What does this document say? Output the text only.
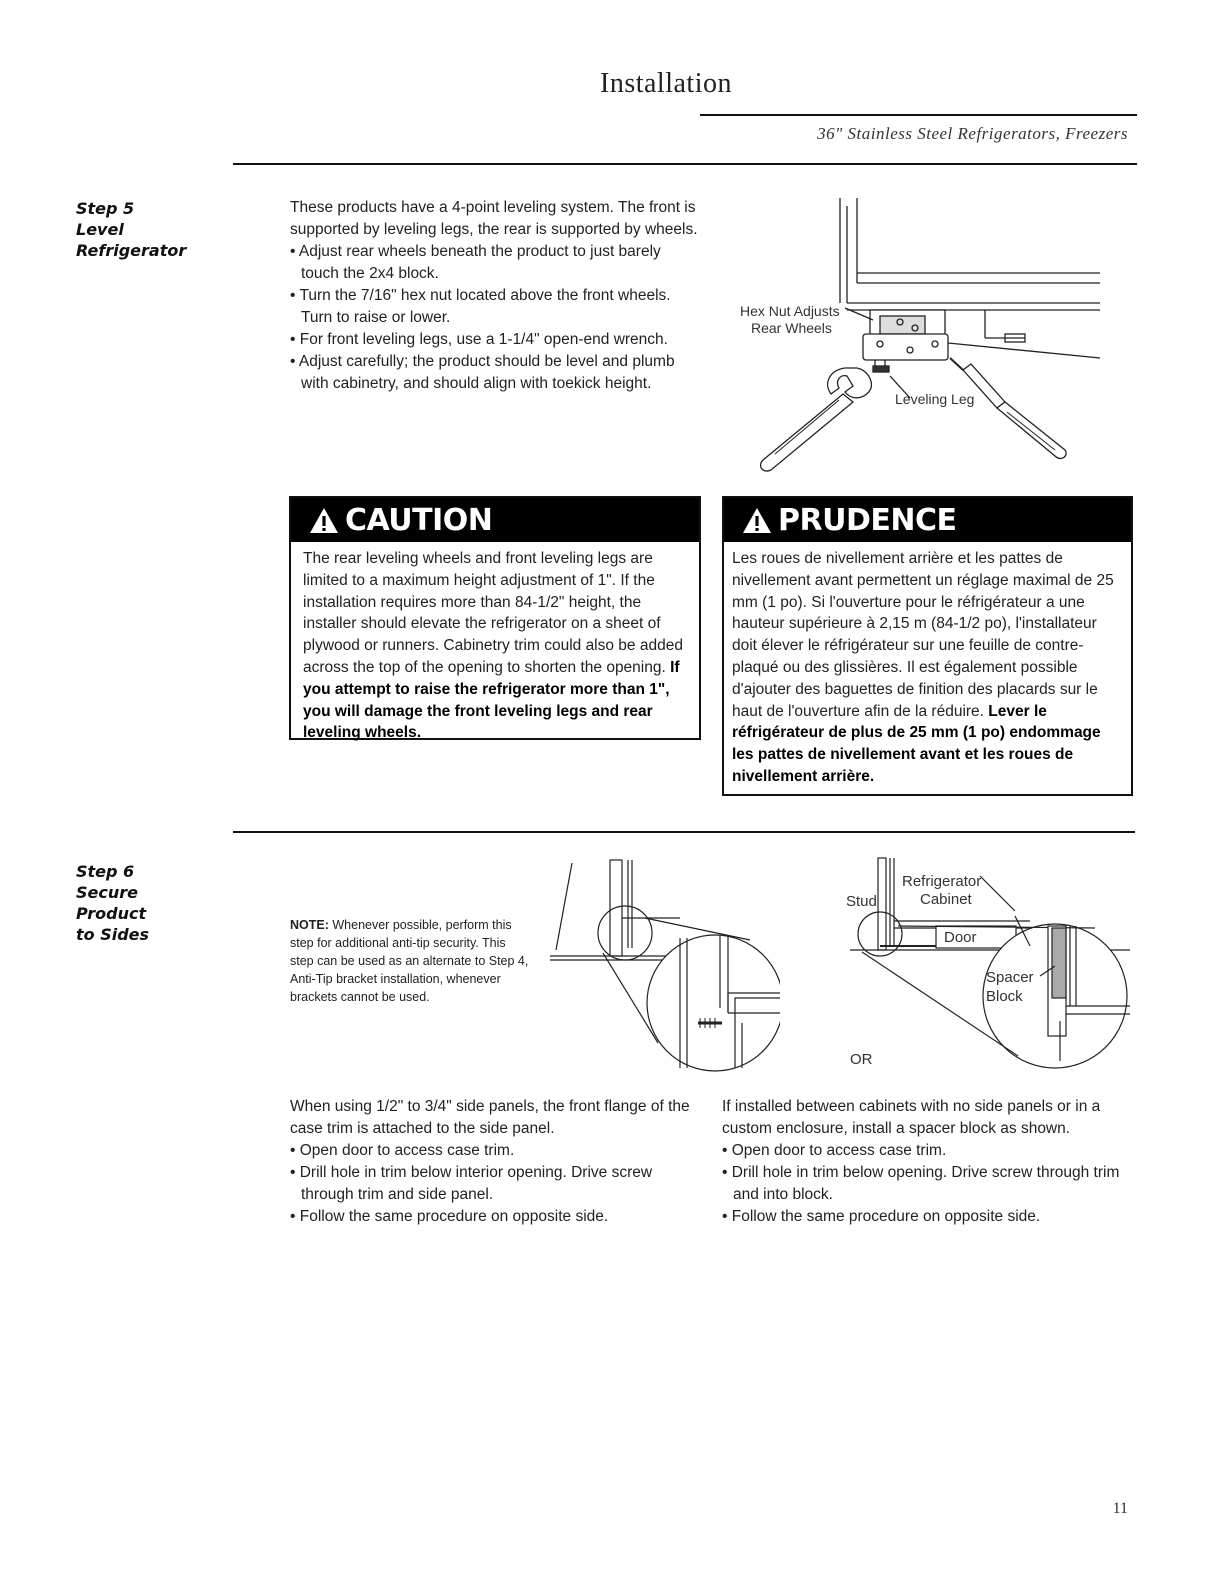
Installation
36" Stainless Steel Refrigerators, Freezers
Step 5
Level
Refrigerator

These products have a 4-point leveling system. The front is supported by leveling legs, the rear is supported by wheels.

• Adjust rear wheels beneath the product to just barely touch the 2x4 block.

• Turn the 7/16" hex nut located above the front wheels. Turn to raise or lower.

• For front leveling legs, use a 1-1/4" open-end wrench.

• Adjust carefully; the product should be level and plumb with cabinetry, and should align with toekick height.

Hex Nut Adjusts
Rear Wheels
Leveling Leg
CAUTION
The rear leveling wheels and front leveling legs are limited to a maximum height adjustment of 1". If the installation requires more than 84-1/2" height, the installer should elevate the refrigerator on a sheet of plywood or runners. Cabinetry trim could also be added across the top of the opening to shorten the opening. If you attempt to raise the refrigerator more than 1", you will damage the front leveling legs and rear leveling wheels.
PRUDENCE
Les roues de nivellement arrière et les pattes de nivellement avant permettent un réglage maximal de 25 mm (1 po). Si l'ouverture pour le réfrigérateur a une hauteur supérieure à 2,15 m (84-1/2 po), l'installateur doit élever le réfrigérateur sur une feuille de contre-plaqué ou des glissières. Il est également possible d'ajouter des baguettes de finition des placards sur le haut de l'ouverture afin de la réduire. Lever le réfrigérateur de plus de 25 mm (1 po) endommage les pattes de nivellement avant et les roues de nivellement arrière.
Step 6
Secure
Product
to Sides	NOTE: Whenever possible, perform this step for additional anti-tip security. This step can be used as an alternate to Step 4, Anti-Tip bracket installation, whenever brackets cannot be used.
Stud
Refrigerator
Cabinet
Door
Spacer
Block
OR

When using 1/2" to 3/4" side panels, the front flange of the case trim is attached to the side panel.

• Open door to access case trim.

• Drill hole in trim below interior opening. Drive screw through trim and side panel.

• Follow the same procedure on opposite side.

If installed between cabinets with no side panels or in a custom enclosure, install a spacer block as shown.

• Open door to access case trim.

• Drill hole in trim below opening. Drive screw through trim and into block.

• Follow the same procedure on opposite side.

11
